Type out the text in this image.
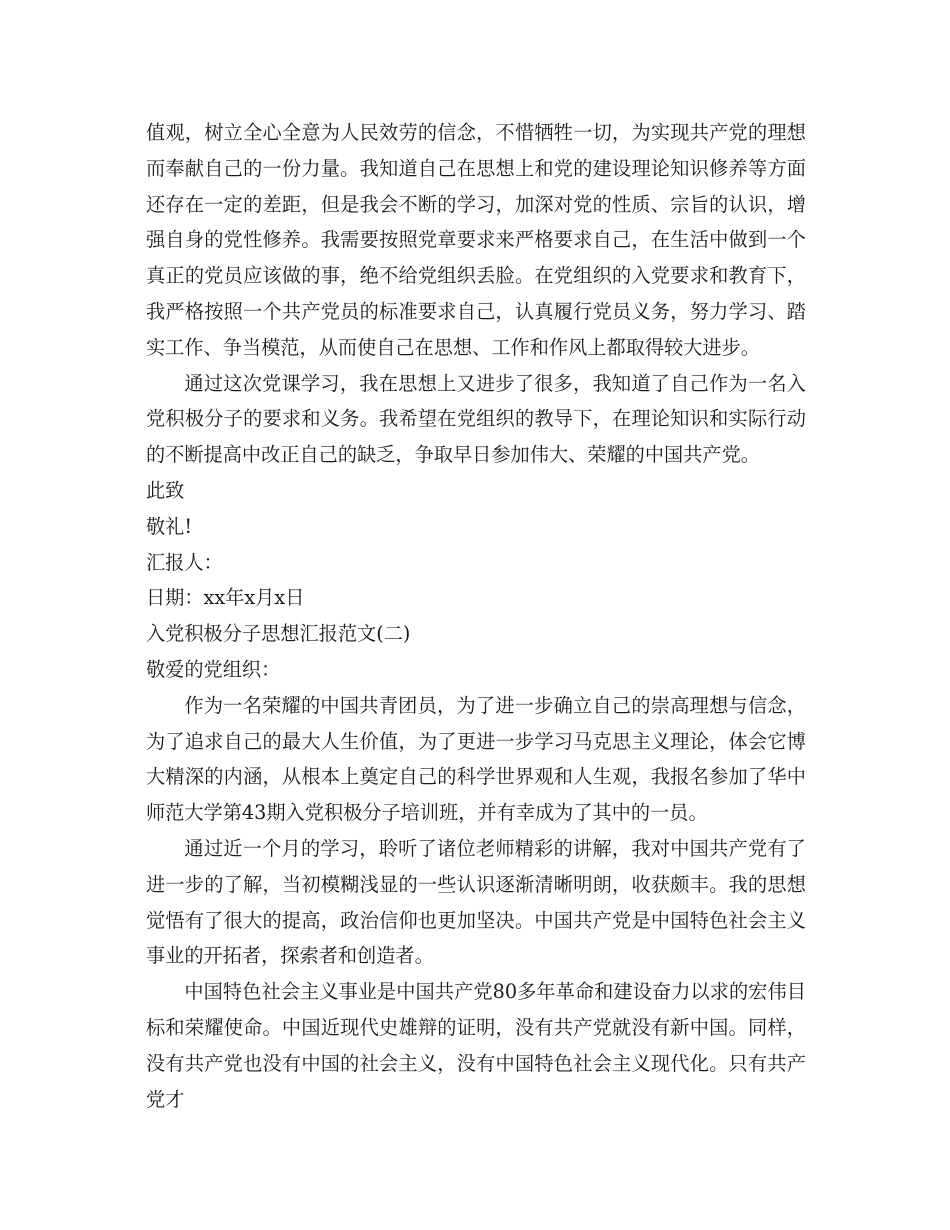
值观，树立全心全意为人民效劳的信念，不惜牺牲一切，为实现共产党的理想而奉献自己的一份力量。我知道自己在思想上和党的建设理论知识修养等方面还存在一定的差距，但是我会不断的学习，加深对党的性质、宗旨的认识，增强自身的党性修养。我需要按照党章要求来严格要求自己，在生活中做到一个真正的党员应该做的事，绝不给党组织丢脸。在党组织的入党要求和教育下，我严格按照一个共产党员的标准要求自己，认真履行党员义务，努力学习、踏实工作、争当模范，从而使自己在思想、工作和作风上都取得较大进步。

通过这次党课学习，我在思想上又进步了很多，我知道了自己作为一名入党积极分子的要求和义务。我希望在党组织的教导下，在理论知识和实际行动的不断提高中改正自己的缺乏，争取早日参加伟大、荣耀的中国共产党。

此致

敬礼!

汇报人：

日期：xx年x月x日

入党积极分子思想汇报范文(二)

敬爱的党组织：

作为一名荣耀的中国共青团员，为了进一步确立自己的崇高理想与信念，为了追求自己的最大人生价值，为了更进一步学习马克思主义理论，体会它博大精深的内涵，从根本上奠定自己的科学世界观和人生观，我报名参加了华中师范大学第43期入党积极分子培训班，并有幸成为了其中的一员。

通过近一个月的学习，聆听了诸位老师精彩的讲解，我对中国共产党有了进一步的了解，当初模糊浅显的一些认识逐渐清晰明朗，收获颇丰。我的思想觉悟有了很大的提高，政治信仰也更加坚决。中国共产党是中国特色社会主义事业的开拓者，探索者和创造者。

中国特色社会主义事业是中国共产党80多年革命和建设奋力以求的宏伟目标和荣耀使命。中国近现代史雄辩的证明，没有共产党就没有新中国。同样，没有共产党也没有中国的社会主义，没有中国特色社会主义现代化。只有共产党才
